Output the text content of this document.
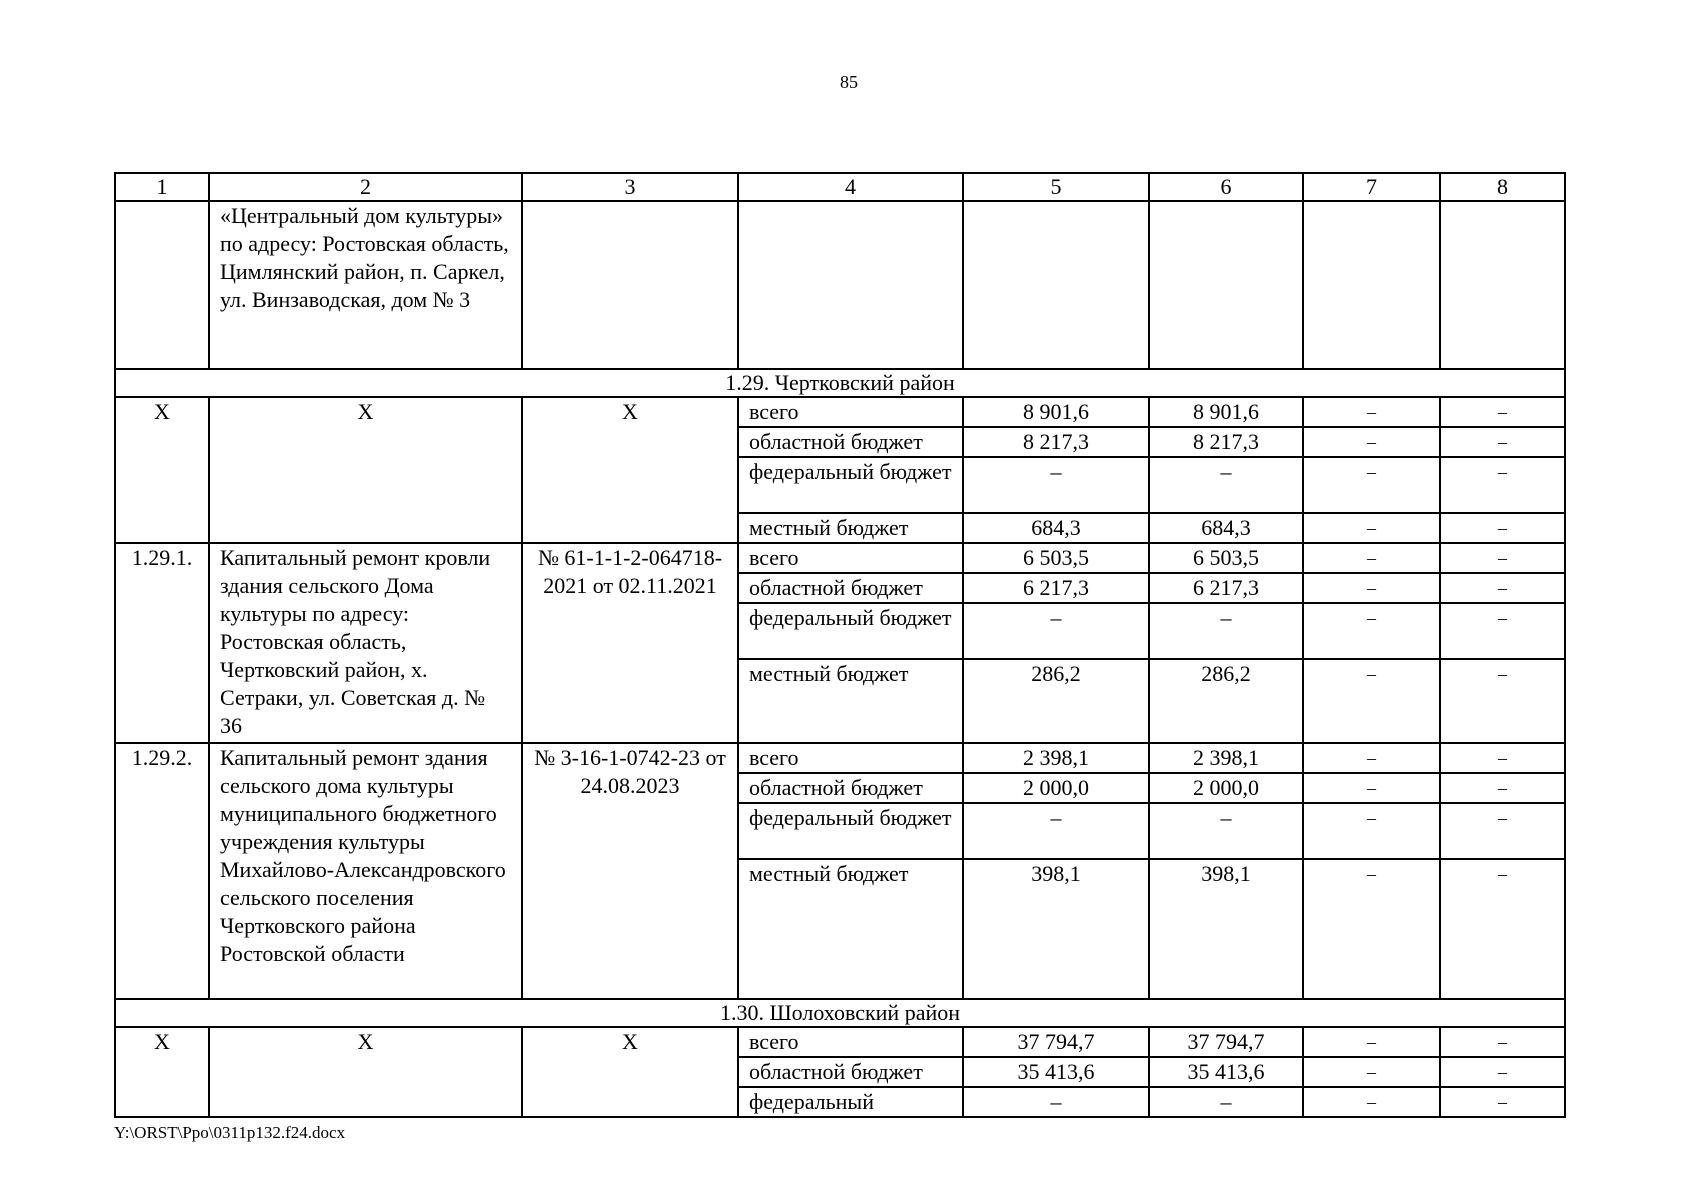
85
1	2	3	4	5	6	7	8
	«Центральный дом культуры» по адресу: Ростовская область, Цимлянский район, п. Саркел, ул. Винзаводская, дом № 3						
1.29. Чертковский район							
Х	Х	Х	всего	8 901,6	8 901,6	–	–
			областной бюджет	8 217,3	8 217,3	–	–
			федеральный бюджет	–	–	–	–
			местный бюджет	684,3	684,3	–	–
1.29.1.	Капитальный ремонт кровли здания сельского Дома культуры по адресу: Ростовская область, Чертковский район, х. Сетраки, ул. Советская д. № 36	№ 61-1-1-2-064718-2021 от 02.11.2021	всего	6 503,5	6 503,5	–	–
			областной бюджет	6 217,3	6 217,3	–	–
			федеральный бюджет	–	–	–	–
			местный бюджет	286,2	286,2	–	–
1.29.2.	Капитальный ремонт здания сельского дома культуры муниципального бюджетного учреждения культуры Михайлово-Александровского сельского поселения Чертковского района Ростовской области	№ 3-16-1-0742-23 от 24.08.2023	всего	2 398,1	2 398,1	–	–
			областной бюджет	2 000,0	2 000,0	–	–
			федеральный бюджет	–	–	–	–
			местный бюджет	398,1	398,1	–	–
1.30. Шолоховский район							
Х	Х	Х	всего	37 794,7	37 794,7	–	–
			областной бюджет	35 413,6	35 413,6	–	–
			федеральный	–	–	–	–
Y:\ORST\Ppo\0311p132.f24.docx
